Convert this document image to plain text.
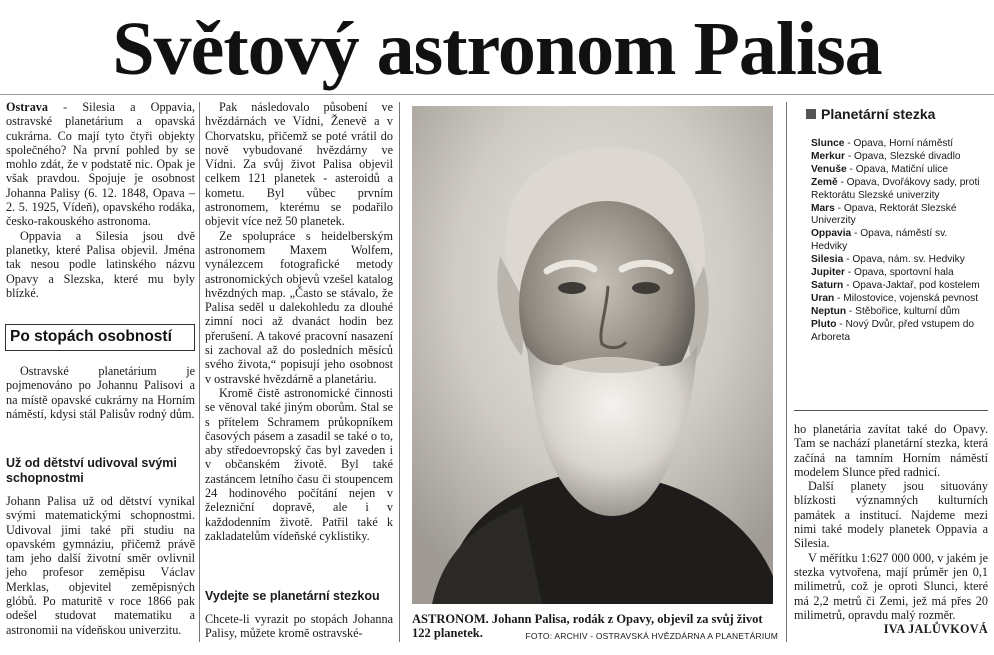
Světový astronom Palisa

Ostrava - Silesia a Oppavia, ostravské planetárium a opavská cukrárna. Co mají tyto čtyři objekty společného? Na první pohled by se mohlo zdát, že v podstatě nic. Opak je však pravdou. Spojuje je osobnost Johanna Palisy (6. 12. 1848, Opava – 2. 5. 1925, Vídeň), opavského rodáka, česko-rakouského astronoma.

Oppavia a Silesia jsou dvě planetky, které Palisa objevil. Jména tak nesou podle latinského názvu Opavy a Slezska, které mu byly blízké.

Po stopách osobností

Ostravské planetárium je pojmenováno po Johannu Palisovi a na místě opavské cukrárny na Horním náměstí, kdysi stál Palisův rodný dům.

Už od dětství udivoval svými schopnostmi

Johann Palisa už od dětství vynikal svými matematickými schopnostmi. Udivoval jimi také při studiu na opavském gymnáziu, přičemž právě tam jeho další životní směr ovlivnil jeho profesor zeměpisu Václav Merklas, objevitel zeměpisných glóbů. Po maturitě v roce 1866 pak odešel studovat matematiku a astronomii na vídeňskou univerzitu.

Pak následovalo působení ve hvězdárnách ve Vídni, Ženevě a v Chorvatsku, přičemž se poté vrátil do nově vybudované hvězdárny ve Vídni. Za svůj život Palisa objevil celkem 121 planetek - asteroidů a kometu. Byl vůbec prvním astronomem, kterému se podařilo objevit více než 50 planetek.

Ze spolupráce s heidelberským astronomem Maxem Wolfem, vynálezcem fotografické metody astronomických objevů vzešel katalog hvězdných map. „Často se stávalo, že Palisa seděl u dalekohledu za dlouhé zimní noci až dvanáct hodin bez přerušení. A takové pracovní nasazení si zachoval až do posledních měsíců svého života,“ popisují jeho osobnost v ostravské hvězdárně a planetáriu.

Kromě čistě astronomické činnosti se věnoval také jiným oborům. Stal se s přítelem Schramem průkopníkem časových pásem a zasadil se také o to, aby středoevropský čas byl zaveden i v občanském životě. Byl také zastáncem letního času či stoupencem 24 hodinového počítání nejen v železniční dopravě, ale i v každodenním životě. Patřil také k zakladatelům vídeňské cyklistiky.

Vydejte se planetární stezkou

Chcete-li vyrazit po stopách Johanna Palisy, můžete kromě ostravské-

ASTRONOM. Johann Palisa, rodák z Opavy, objevil za svůj život 122 planetek.	FOTO: ARCHIV - OSTRAVSKÁ HVĚZDÁRNA A PLANETÁRIUM
Planetární stezka

Slunce - Opava, Horní náměstí

Merkur - Opava, Slezské divadlo

Venuše - Opava, Matiční ulice

Země - Opava, Dvořákovy sady, proti Rektorátu Slezské univerzity

Mars - Opava, Rektorát Slezské Univerzity

Oppavia - Opava, náměstí sv. Hedviky

Silesia - Opava, nám. sv. Hedviky

Jupiter - Opava, sportovní hala

Saturn - Opava-Jaktař, pod kostelem

Uran - Milostovice, vojenská pevnost

Neptun - Stěbořice, kulturní dům

Pluto - Nový Dvůr, před vstupem do Arboreta

ho planetária zavítat také do Opavy. Tam se nachází planetární stezka, která začíná na tamním Horním náměstí modelem Slunce před radnicí.

Další planety jsou situovány blízkosti významných kulturních památek a institucí. Najdeme mezi nimi také modely planetek Oppavia a Silesia.

V měřítku 1:627 000 000, v jakém je stezka vytvořena, mají průměr jen 0,1 milimetrů, což je oproti Slunci, které má 2,2 metrů či Zemi, jež má přes 20 milimetrů, opravdu malý rozměr.
IVA JALŮVKOVÁ
